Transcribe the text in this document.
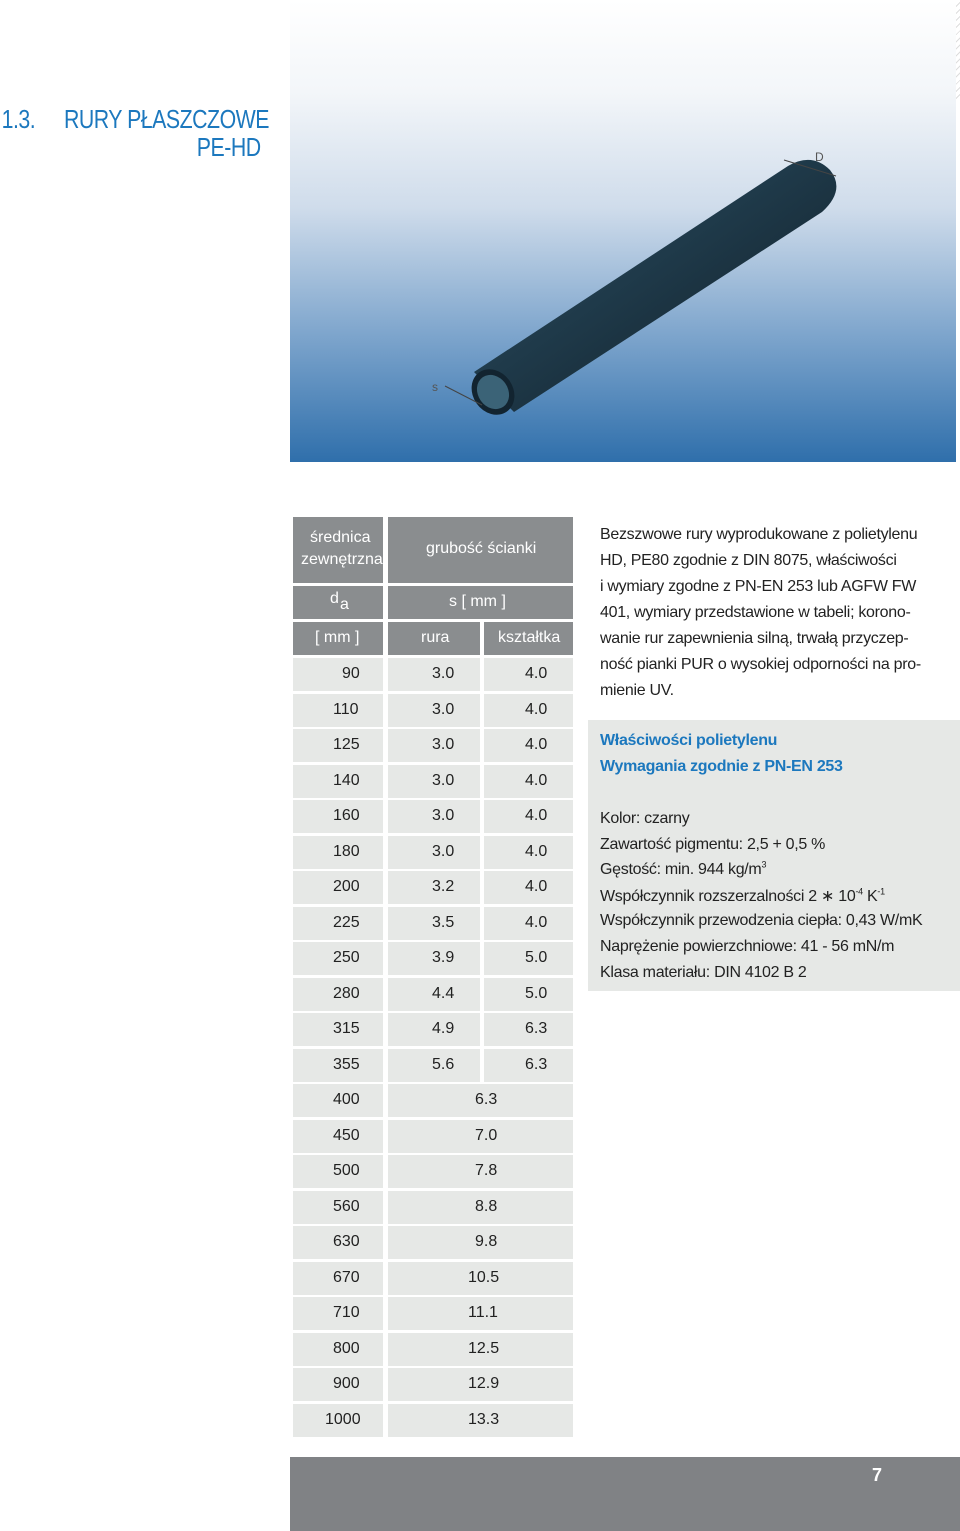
1.3. RURY PŁASZCZOWE
PE-HD	D
s
średnica
zewnętrzna
grubość ścianki
d a	s [ mm ]
[ mm ]	rura	kształtka
90	3.0	4.0
110	3.0	4.0
125	3.0	4.0
140	3.0	4.0
160	3.0	4.0
180	3.0	4.0
200	3.2	4.0
225	3.5	4.0
250	3.9	5.0
280	4.4	5.0
315	4.9	6.3
355	5.6	6.3
400	6.3
450	7.0
500	7.8
560	8.8
630	9.8
670	10.5
710	11.1
800	12.5
900	12.9
1000	13.3
Bezszwowe rury wyprodukowane z polietylenu
HD, PE80 zgodnie z DIN 8075, właściwości
i wymiary zgodne z PN-EN 253 lub AGFW FW
401, wymiary przedstawione w tabeli; korono-
wanie rur zapewnienia silną, trwałą przyczep-
ność pianki PUR o wysokiej odporności na pro-
mienie UV.
Właściwości polietylenu
Wymagania zgodnie z PN-EN 253
Kolor: czarny
Zawartość pigmentu: 2,5 + 0,5 %
Gęstość: min. 944 $kg/m^3$
Współczynnik rozszerzalności 2 ∗ $10^{-4}$ $K^{-1}$
Współczynnik przewodzenia ciepła: 0,43 W/mK
Naprężenie powierzchniowe: 41 - 56 mN/m
Klasa materiału: DIN 4102 B 2
7
